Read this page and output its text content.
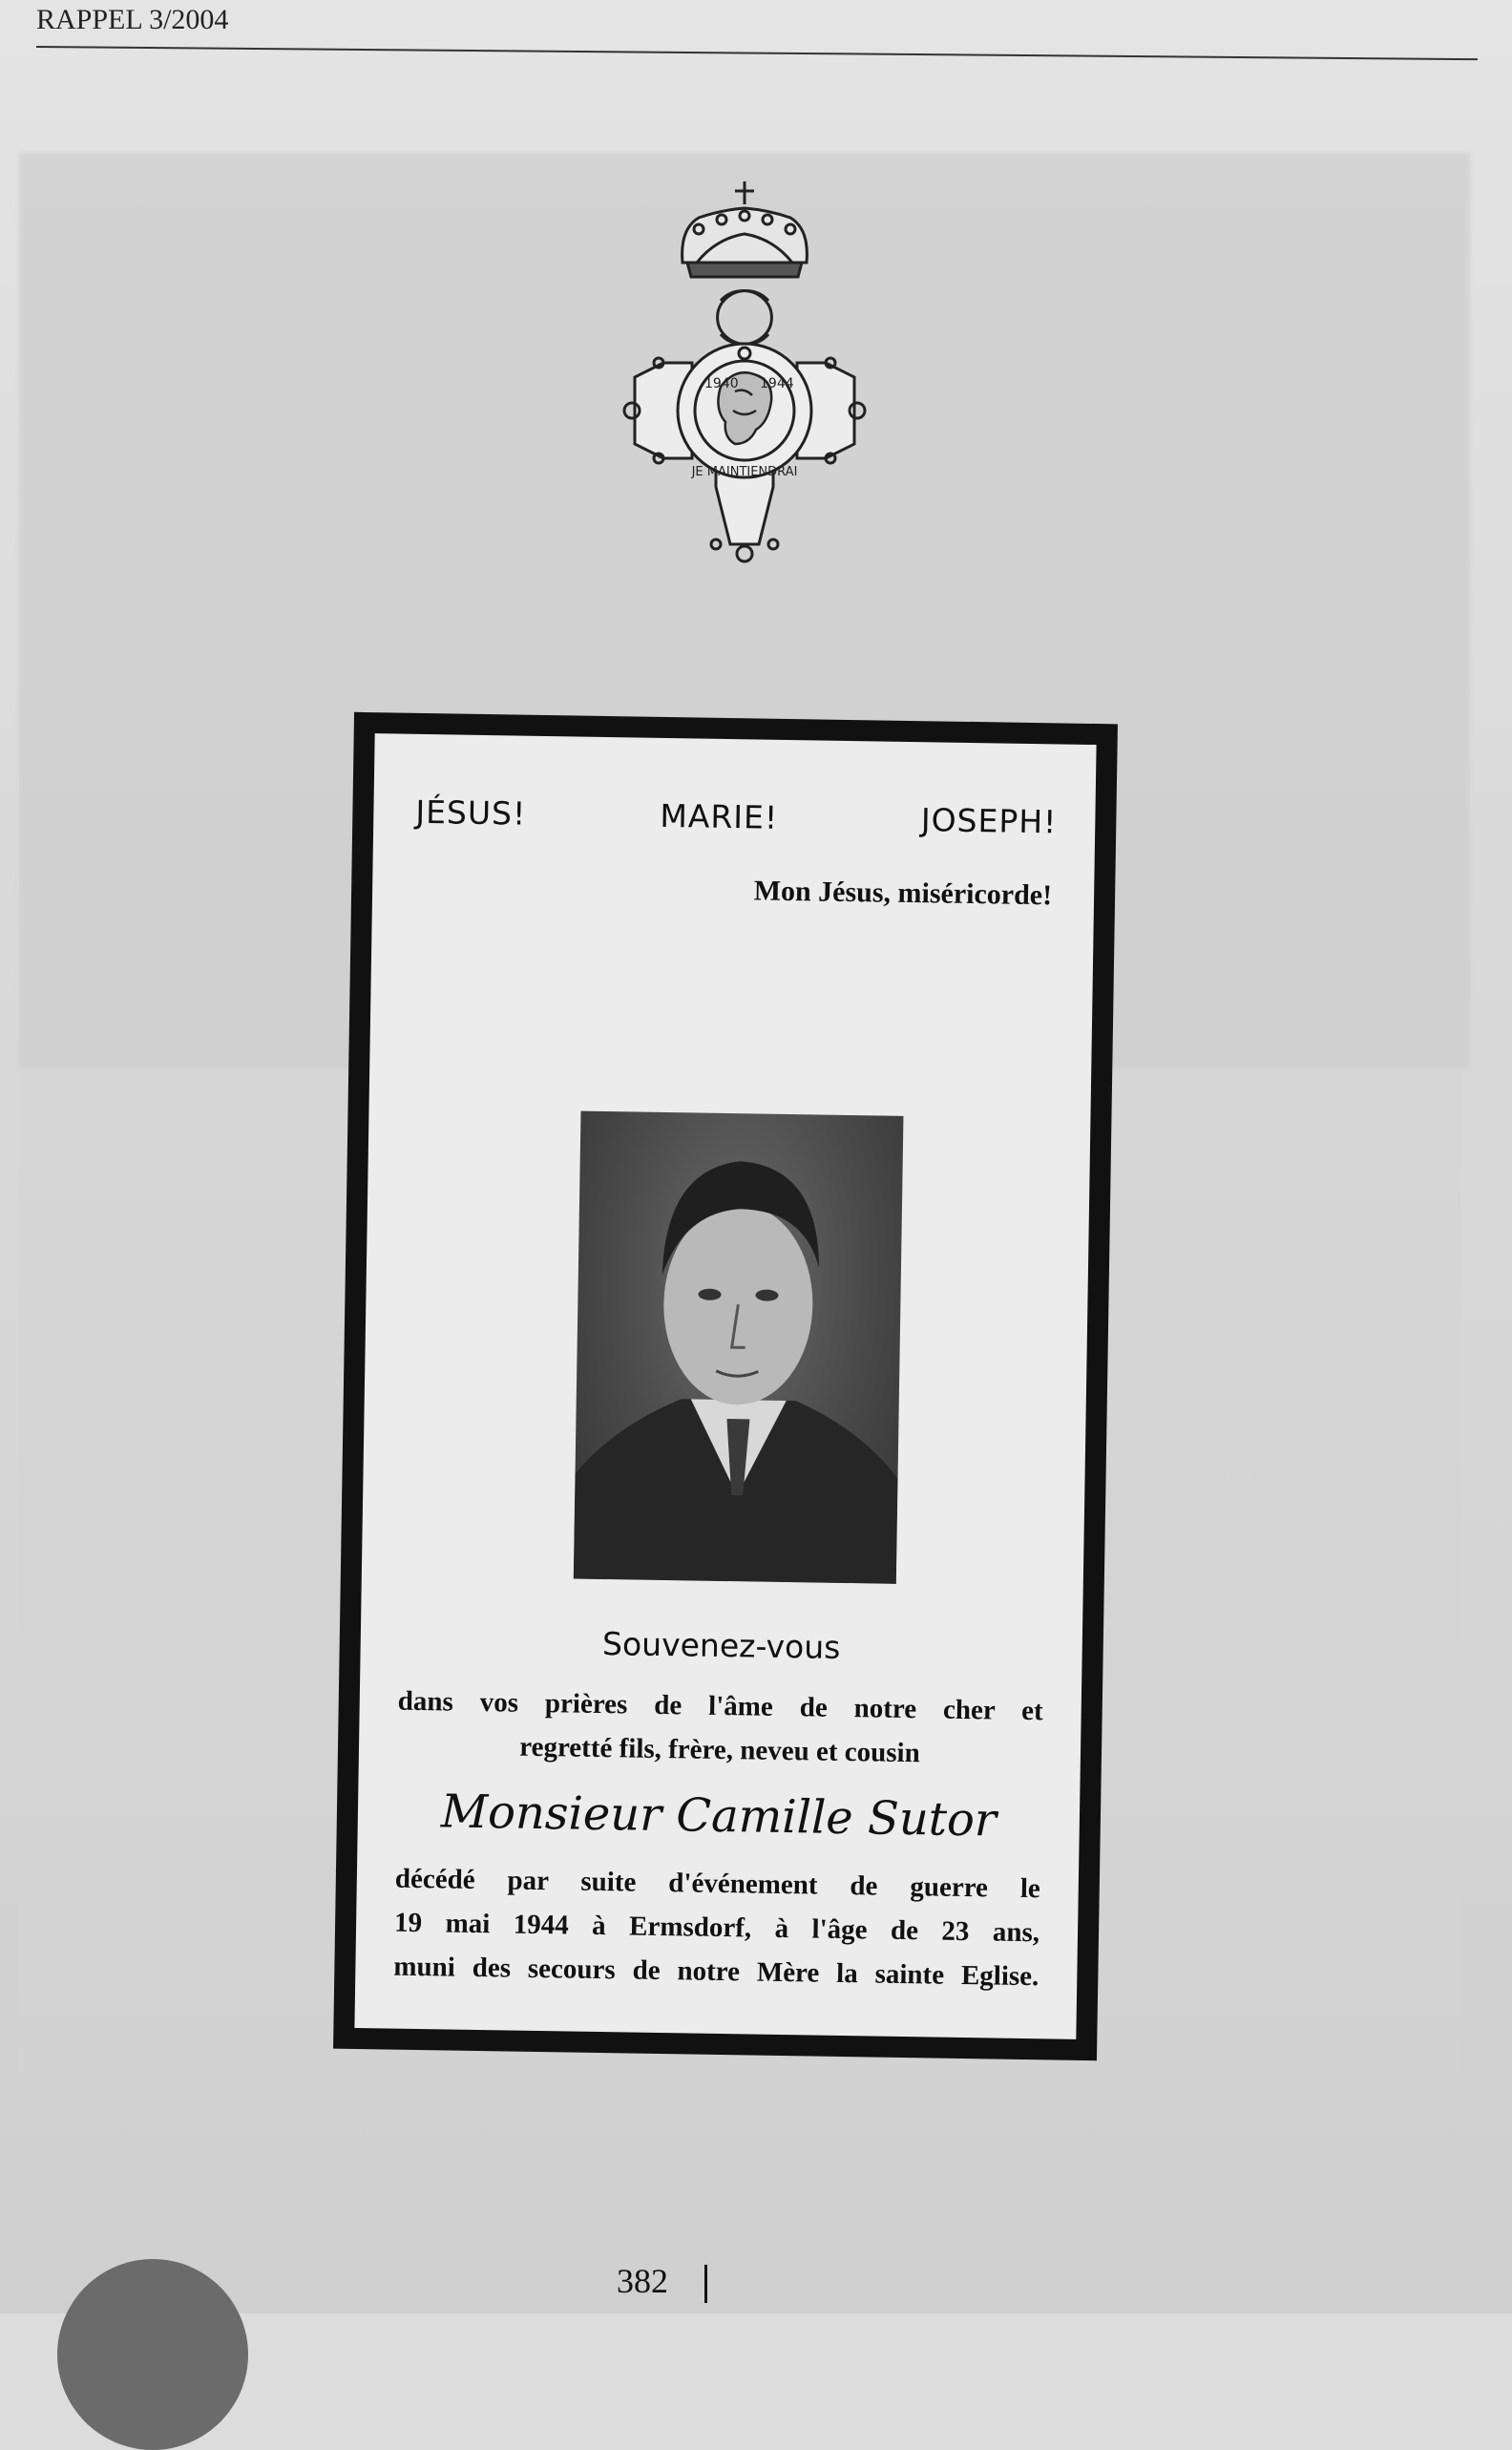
RAPPEL 3/2004
1940 1944
JE MAINTIENDRAI
JÉSUS!	MARIE!	JOSEPH!
Mon Jésus, miséricorde!
Souvenez-vous
dans vos prières de l'âme de notre cher et
regretté fils, frère, neveu et cousin
Monsieur Camille Sutor
décédé par suite d'événement de guerre le
19 mai 1944 à Ermsdorf, à l'âge de 23 ans,
muni des secours de notre Mère la sainte Eglise.
382
